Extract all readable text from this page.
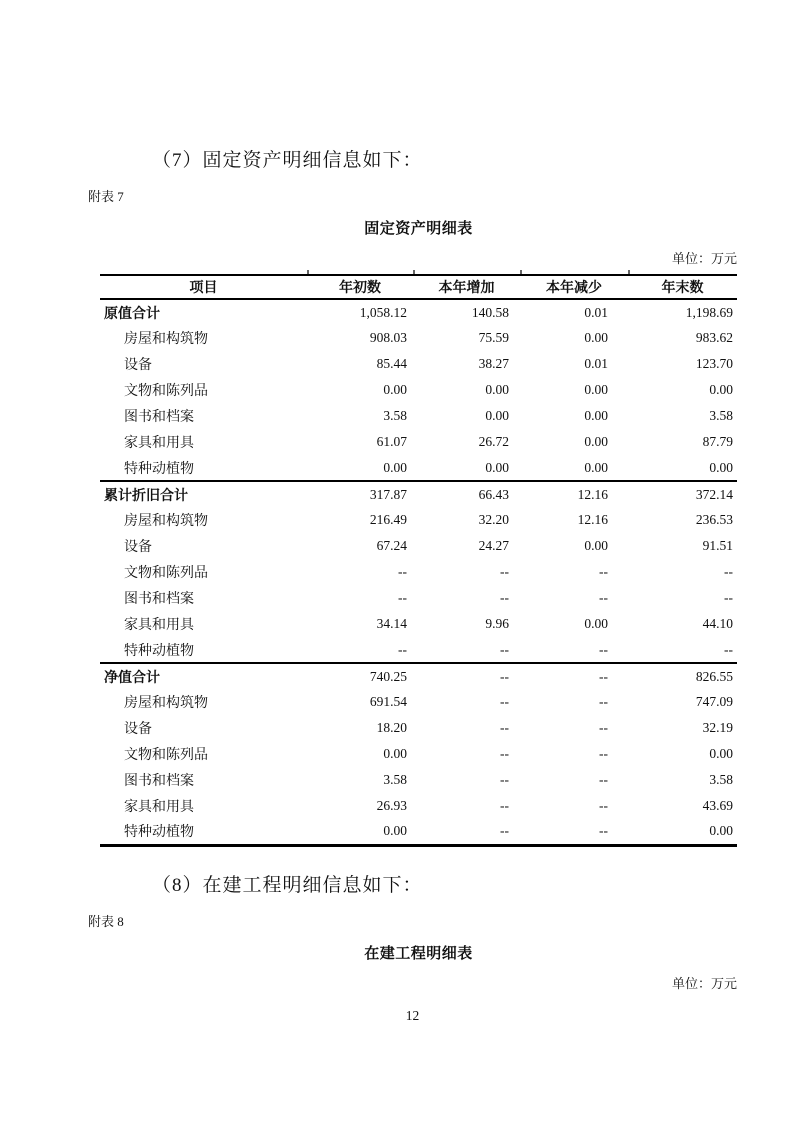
（7）固定资产明细信息如下：
附表 7
固定资产明细表
单位：万元
项目	年初数	本年增加	本年减少	年末数
原值合计	1,058.12	140.58	0.01	1,198.69
房屋和构筑物	908.03	75.59	0.00	983.62
设备	85.44	38.27	0.01	123.70
文物和陈列品	0.00	0.00	0.00	0.00
图书和档案	3.58	0.00	0.00	3.58
家具和用具	61.07	26.72	0.00	87.79
特种动植物	0.00	0.00	0.00	0.00
累计折旧合计	317.87	66.43	12.16	372.14
房屋和构筑物	216.49	32.20	12.16	236.53
设备	67.24	24.27	0.00	91.51
文物和陈列品	--	--	--	--
图书和档案	--	--	--	--
家具和用具	34.14	9.96	0.00	44.10
特种动植物	--	--	--	--
净值合计	740.25	--	--	826.55
房屋和构筑物	691.54	--	--	747.09
设备	18.20	--	--	32.19
文物和陈列品	0.00	--	--	0.00
图书和档案	3.58	--	--	3.58
家具和用具	26.93	--	--	43.69
特种动植物	0.00	--	--	0.00
（8）在建工程明细信息如下：
附表 8
在建工程明细表
单位：万元
12
